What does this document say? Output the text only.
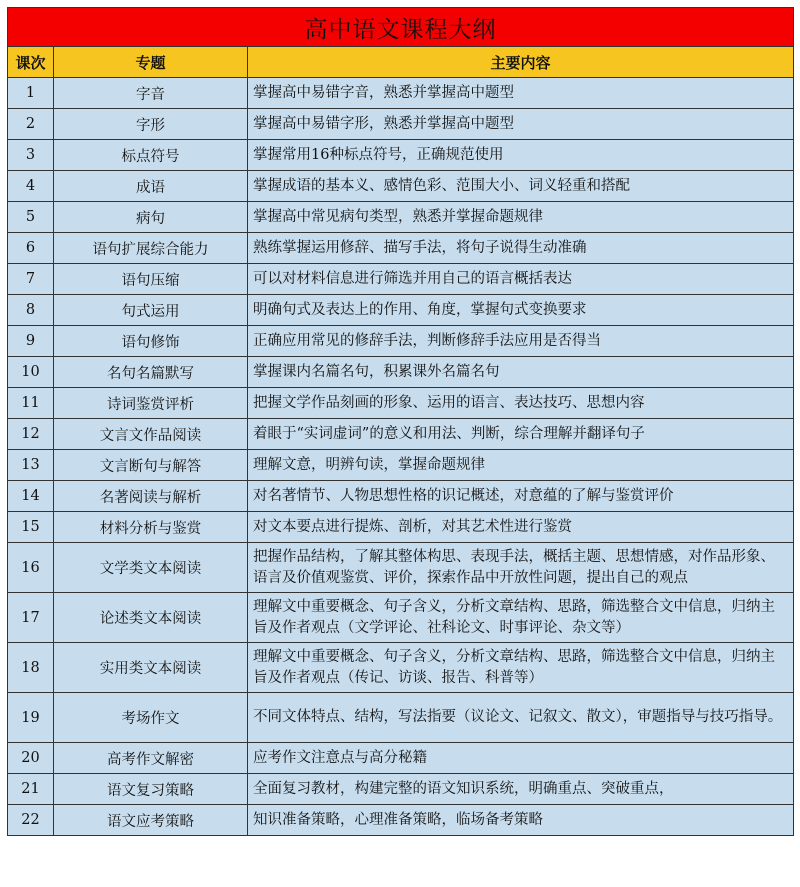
高中语文课程大纲		
课次	专题	主要内容
1	字音	掌握高中易错字音，熟悉并掌握高中题型
2	字形	掌握高中易错字形，熟悉并掌握高中题型
3	标点符号	掌握常用16种标点符号，正确规范使用
4	成语	掌握成语的基本义、感情色彩、范围大小、词义轻重和搭配
5	病句	掌握高中常见病句类型，熟悉并掌握命题规律
6	语句扩展综合能力	熟练掌握运用修辞、描写手法，将句子说得生动准确
7	语句压缩	可以对材料信息进行筛选并用自己的语言概括表达
8	句式运用	明确句式及表达上的作用、角度，掌握句式变换要求
9	语句修饰	正确应用常见的修辞手法，判断修辞手法应用是否得当
10	名句名篇默写	掌握课内名篇名句，积累课外名篇名句
11	诗词鉴赏评析	把握文学作品刻画的形象、运用的语言、表达技巧、思想内容
12	文言文作品阅读	着眼于“实词虚词”的意义和用法、判断，综合理解并翻译句子
13	文言断句与解答	理解文意，明辨句读，掌握命题规律
14	名著阅读与解析	对名著情节、人物思想性格的识记概述，对意蕴的了解与鉴赏评价
15	材料分析与鉴赏	对文本要点进行提炼、剖析，对其艺术性进行鉴赏
16	文学类文本阅读	把握作品结构，了解其整体构思、表现手法，概括主题、思想情感，对作品形象、语言及价值观鉴赏、评价，探索作品中开放性问题，提出自己的观点
17	论述类文本阅读	理解文中重要概念、句子含义，分析文章结构、思路，筛选整合文中信息，归纳主旨及作者观点（文学评论、社科论文、时事评论、杂文等）
18	实用类文本阅读	理解文中重要概念、句子含义，分析文章结构、思路，筛选整合文中信息，归纳主旨及作者观点（传记、访谈、报告、科普等）
19	考场作文	不同文体特点、结构，写法指要（议论文、记叙文、散文），审题指导与技巧指导。
20	高考作文解密	应考作文注意点与高分秘籍
21	语文复习策略	全面复习教材，构建完整的语文知识系统，明确重点、突破重点，
22	语文应考策略	知识准备策略，心理准备策略，临场备考策略
